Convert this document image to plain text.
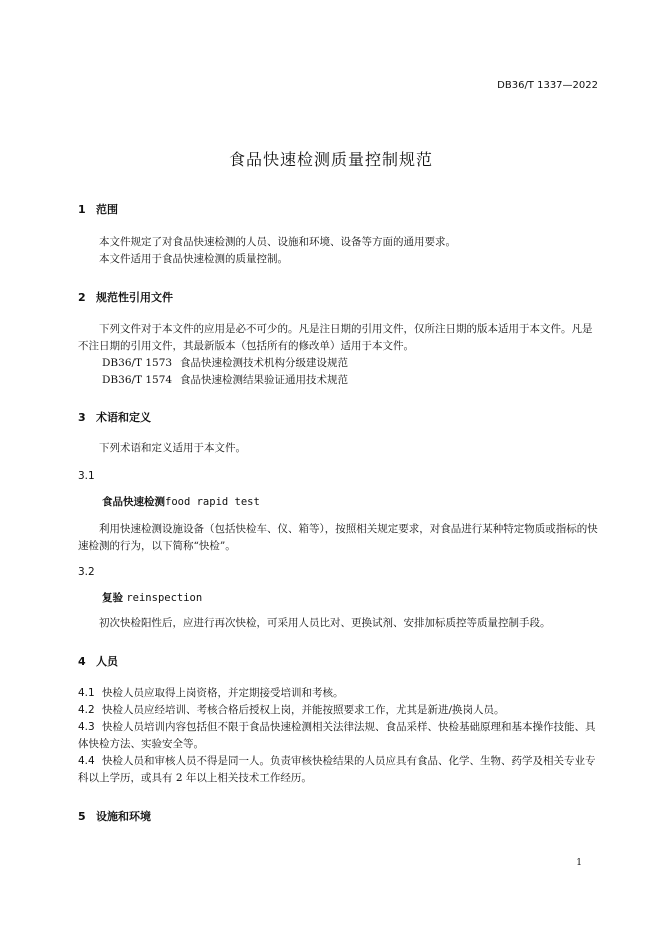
DB36/T 1337—2022
食品快速检测质量控制规范
1 范围
本文件规定了对食品快速检测的人员、设施和环境、设备等方面的通用要求。
本文件适用于食品快速检测的质量控制。
2 规范性引用文件
下列文件对于本文件的应用是必不可少的。凡是注日期的引用文件，仅所注日期的版本适用于本文件。凡是不注日期的引用文件，其最新版本（包括所有的修改单）适用于本文件。
DB36/T 1573 食品快速检测技术机构分级建设规范
DB36/T 1574 食品快速检测结果验证通用技术规范
3 术语和定义
下列术语和定义适用于本文件。
3.1
食品快速检测food rapid test
利用快速检测设施设备（包括快检车、仪、箱等），按照相关规定要求，对食品进行某种特定物质或指标的快速检测的行为，以下简称“快检”。
3.2
复验 reinspection
初次快检阳性后，应进行再次快检，可采用人员比对、更换试剂、安排加标质控等质量控制手段。
4 人员
4.1 快检人员应取得上岗资格，并定期接受培训和考核。
4.2 快检人员应经培训、考核合格后授权上岗，并能按照要求工作，尤其是新进/换岗人员。
4.3 快检人员培训内容包括但不限于食品快速检测相关法律法规、食品采样、快检基础原理和基本操作技能、具体快检方法、实验安全等。
4.4 快检人员和审核人员不得是同一人。负责审核快检结果的人员应具有食品、化学、生物、药学及相关专业专科以上学历，或具有 2 年以上相关技术工作经历。
5 设施和环境
1
